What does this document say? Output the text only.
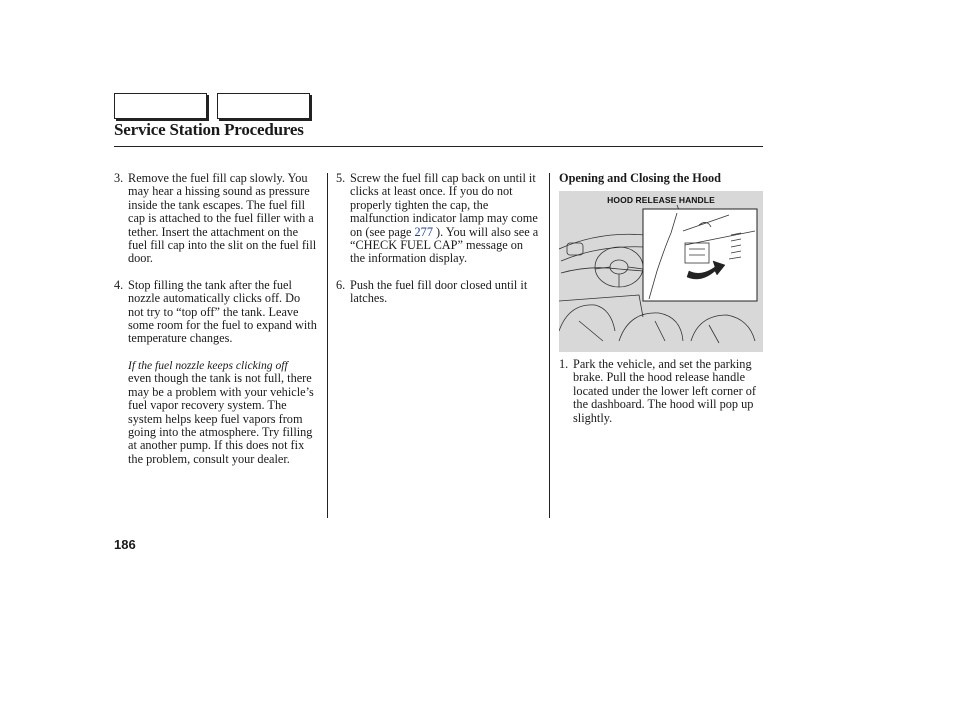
Service Station Procedures
3. Remove the fuel fill cap slowly. You may hear a hissing sound as pressure inside the tank escapes. The fuel fill cap is attached to the fuel filler with a tether. Insert the attachment on the fuel fill cap into the slit on the fuel fill door.
4. Stop filling the tank after the fuel nozzle automatically clicks off. Do not try to “top off” the tank. Leave some room for the fuel to expand with temperature changes.
If the fuel nozzle keeps clicking off
even though the tank is not full, there may be a problem with your vehicle’s fuel vapor recovery system. The system helps keep fuel vapors from going into the atmosphere. Try filling at another pump. If this does not fix the problem, consult your dealer.
5. Screw the fuel fill cap back on until it clicks at least once. If you do not properly tighten the cap, the malfunction indicator lamp may come on (see page 277 ). You will also see a “CHECK FUEL CAP” message on the information display.
6. Push the fuel fill door closed until it latches.
Opening and Closing the Hood
HOOD RELEASE HANDLE
1. Park the vehicle, and set the parking brake. Pull the hood release handle located under the lower left corner of the dashboard. The hood will pop up slightly.
186
